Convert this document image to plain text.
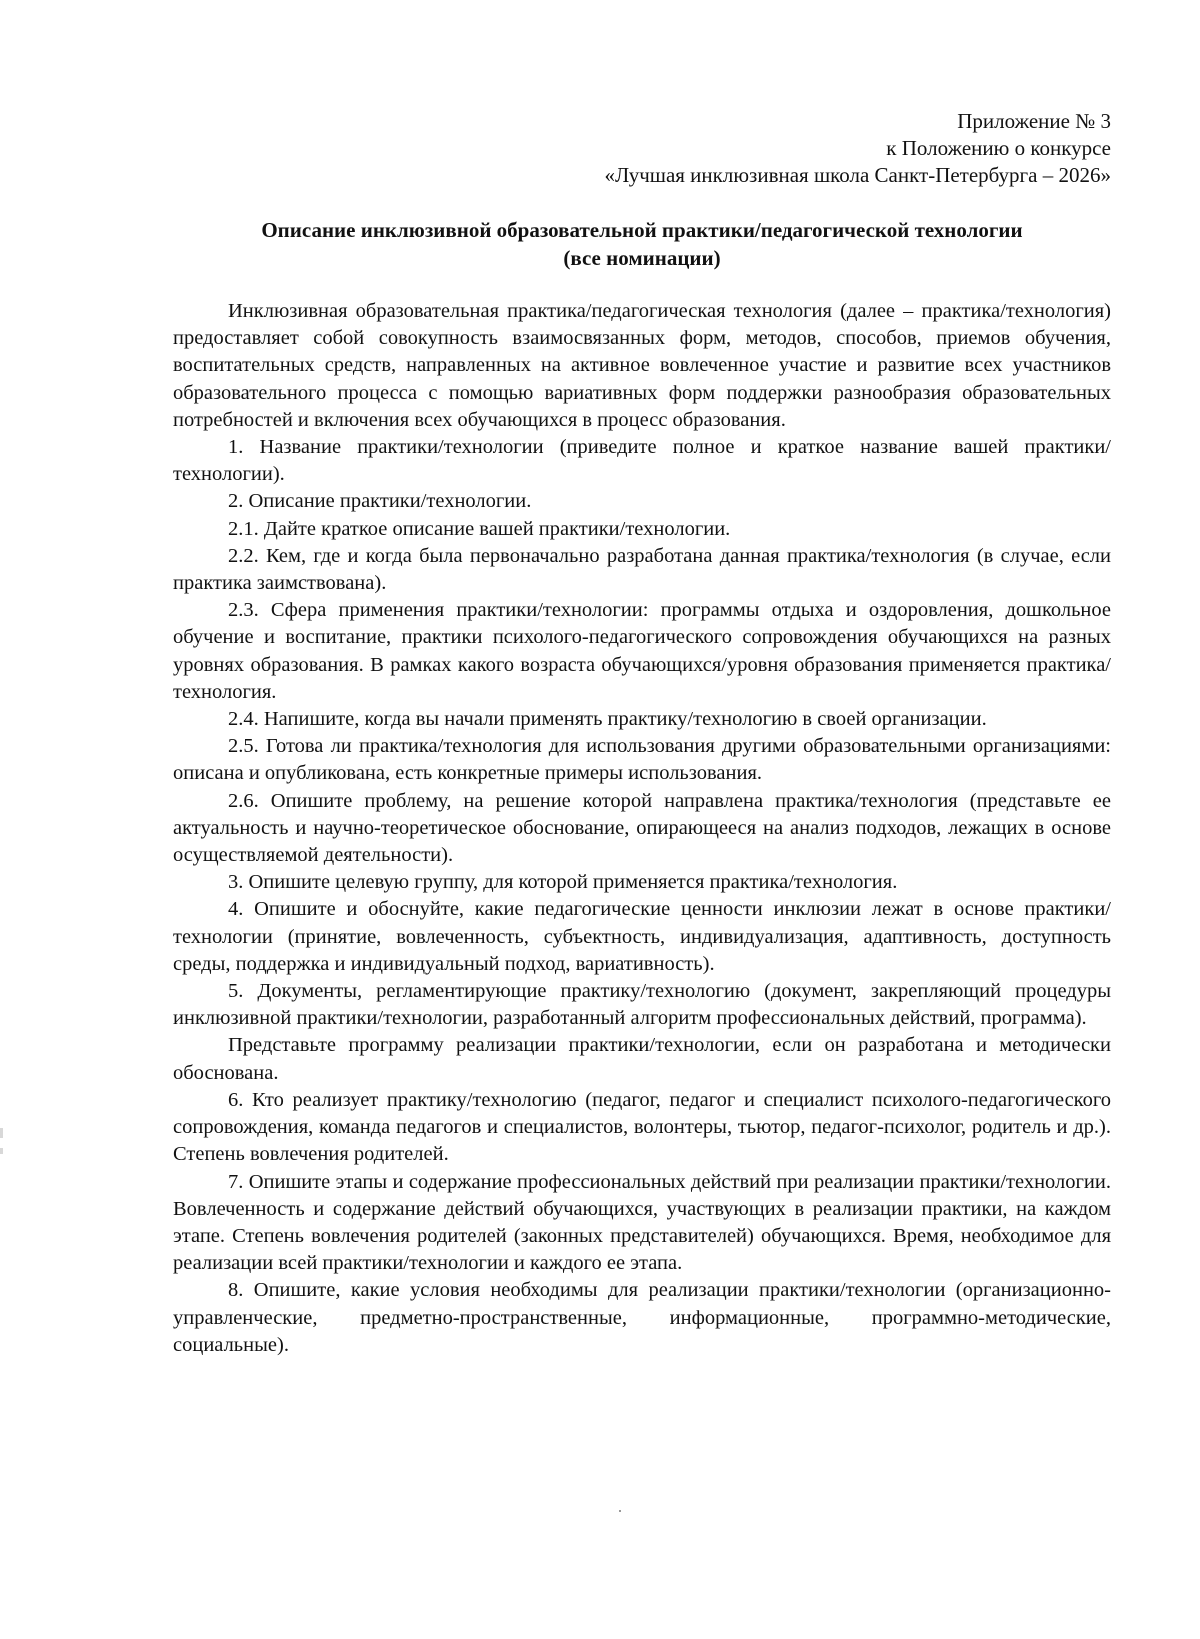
Приложение № 3
к Положению о конкурсе
«Лучшая инклюзивная школа Санкт-Петербурга – 2026»
Описание инклюзивной образовательной практики/педагогической технологии
(все номинации)

Инклюзивная образовательная практика/педагогическая технология (далее – практика/технология) предоставляет собой совокупность взаимосвязанных форм, методов, способов, приемов обучения, воспитательных средств, направленных на активное вовлеченное участие и развитие всех участников образовательного процесса с помощью вариативных форм поддержки разнообразия образовательных потребностей и включения всех обучающихся в процесс образования.

1. Название практики/технологии (приведите полное и краткое название вашей практики/технологии).

2. Описание практики/технологии.

2.1. Дайте краткое описание вашей практики/технологии.

2.2. Кем, где и когда была первоначально разработана данная практика/технология (в случае, если практика заимствована).

2.3. Сфера применения практики/технологии: программы отдыха и оздоровления, дошкольное обучение и воспитание, практики психолого-педагогического сопровождения обучающихся на разных уровнях образования. В рамках какого возраста обучающихся/уровня образования применяется практика/технология.

2.4. Напишите, когда вы начали применять практику/технологию в своей организации.

2.5. Готова ли практика/технология для использования другими образовательными организациями: описана и опубликована, есть конкретные примеры использования.

2.6. Опишите проблему, на решение которой направлена практика/технология (представьте ее актуальность и научно-теоретическое обоснование, опирающееся на анализ подходов, лежащих в основе осуществляемой деятельности).

3. Опишите целевую группу, для которой применяется практика/технология.

4. Опишите и обоснуйте, какие педагогические ценности инклюзии лежат в основе практики/технологии (принятие, вовлеченность, субъектность, индивидуализация, адаптивность, доступность среды, поддержка и индивидуальный подход, вариативность).

5. Документы, регламентирующие практику/технологию (документ, закрепляющий процедуры инклюзивной практики/технологии, разработанный алгоритм профессиональных действий, программа).

Представьте программу реализации практики/технологии, если он разработана и методически обоснована.

6. Кто реализует практику/технологию (педагог, педагог и специалист психолого-педагогического сопровождения, команда педагогов и специалистов, волонтеры, тьютор, педагог-психолог, родитель и др.). Степень вовлечения родителей.

7. Опишите этапы и содержание профессиональных действий при реализации практики/технологии. Вовлеченность и содержание действий обучающихся, участвующих в реализации практики, на каждом этапе. Степень вовлечения родителей (законных представителей) обучающихся. Время, необходимое для реализации всей практики/технологии и каждого ее этапа.

8. Опишите, какие условия необходимы для реализации практики/технологии (организационно-управленческие, предметно-пространственные, информационные, программно-методические, социальные).
